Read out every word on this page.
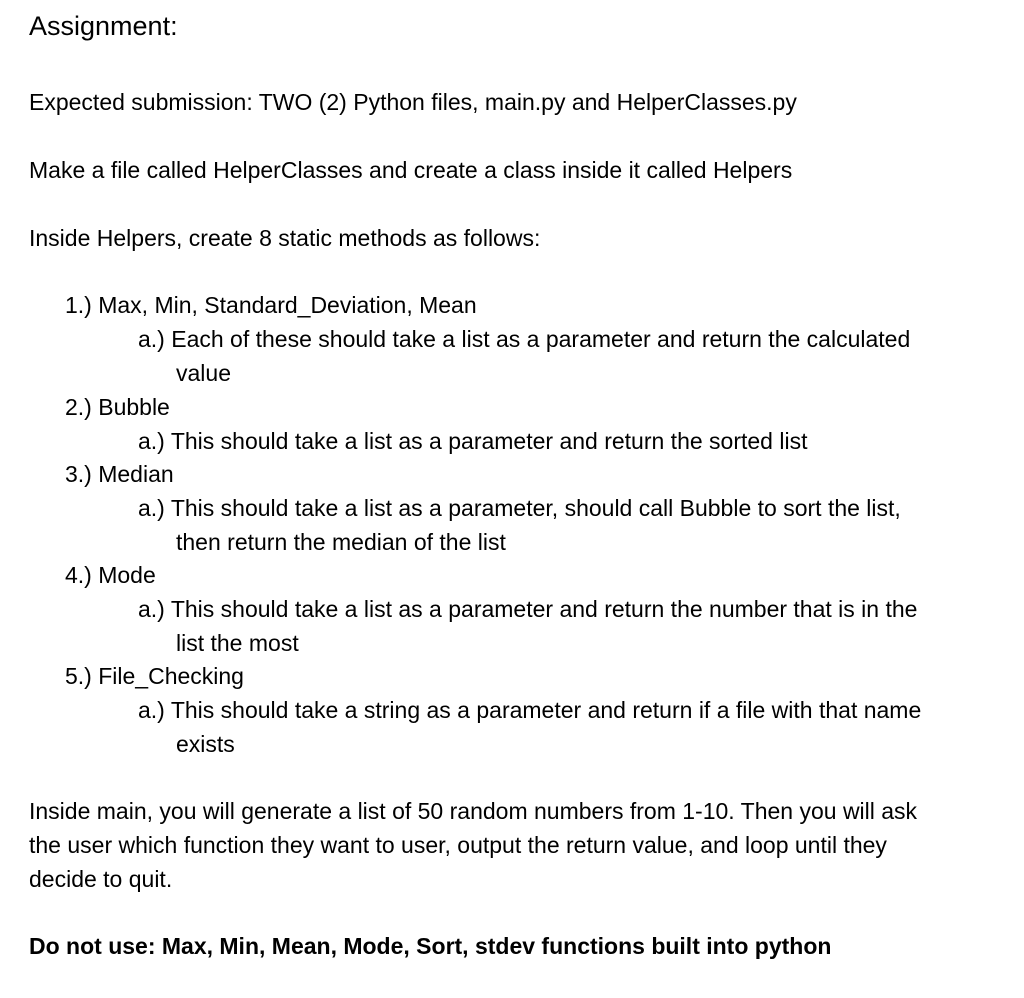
Assignment:
Expected submission: TWO (2) Python files, main.py and HelperClasses.py
Make a file called HelperClasses and create a class inside it called Helpers
Inside Helpers, create 8 static methods as follows:
1.) Max, Min, Standard_Deviation, Mean
a.) Each of these should take a list as a parameter and return the calculated
value
2.) Bubble
a.) This should take a list as a parameter and return the sorted list
3.) Median
a.) This should take a list as a parameter, should call Bubble to sort the list,
then return the median of the list
4.) Mode
a.) This should take a list as a parameter and return the number that is in the
list the most
5.) File_Checking
a.) This should take a string as a parameter and return if a file with that name
exists
Inside main, you will generate a list of 50 random numbers from 1-10. Then you will ask
the user which function they want to user, output the return value, and loop until they
decide to quit.
Do not use: Max, Min, Mean, Mode, Sort, stdev functions built into python
